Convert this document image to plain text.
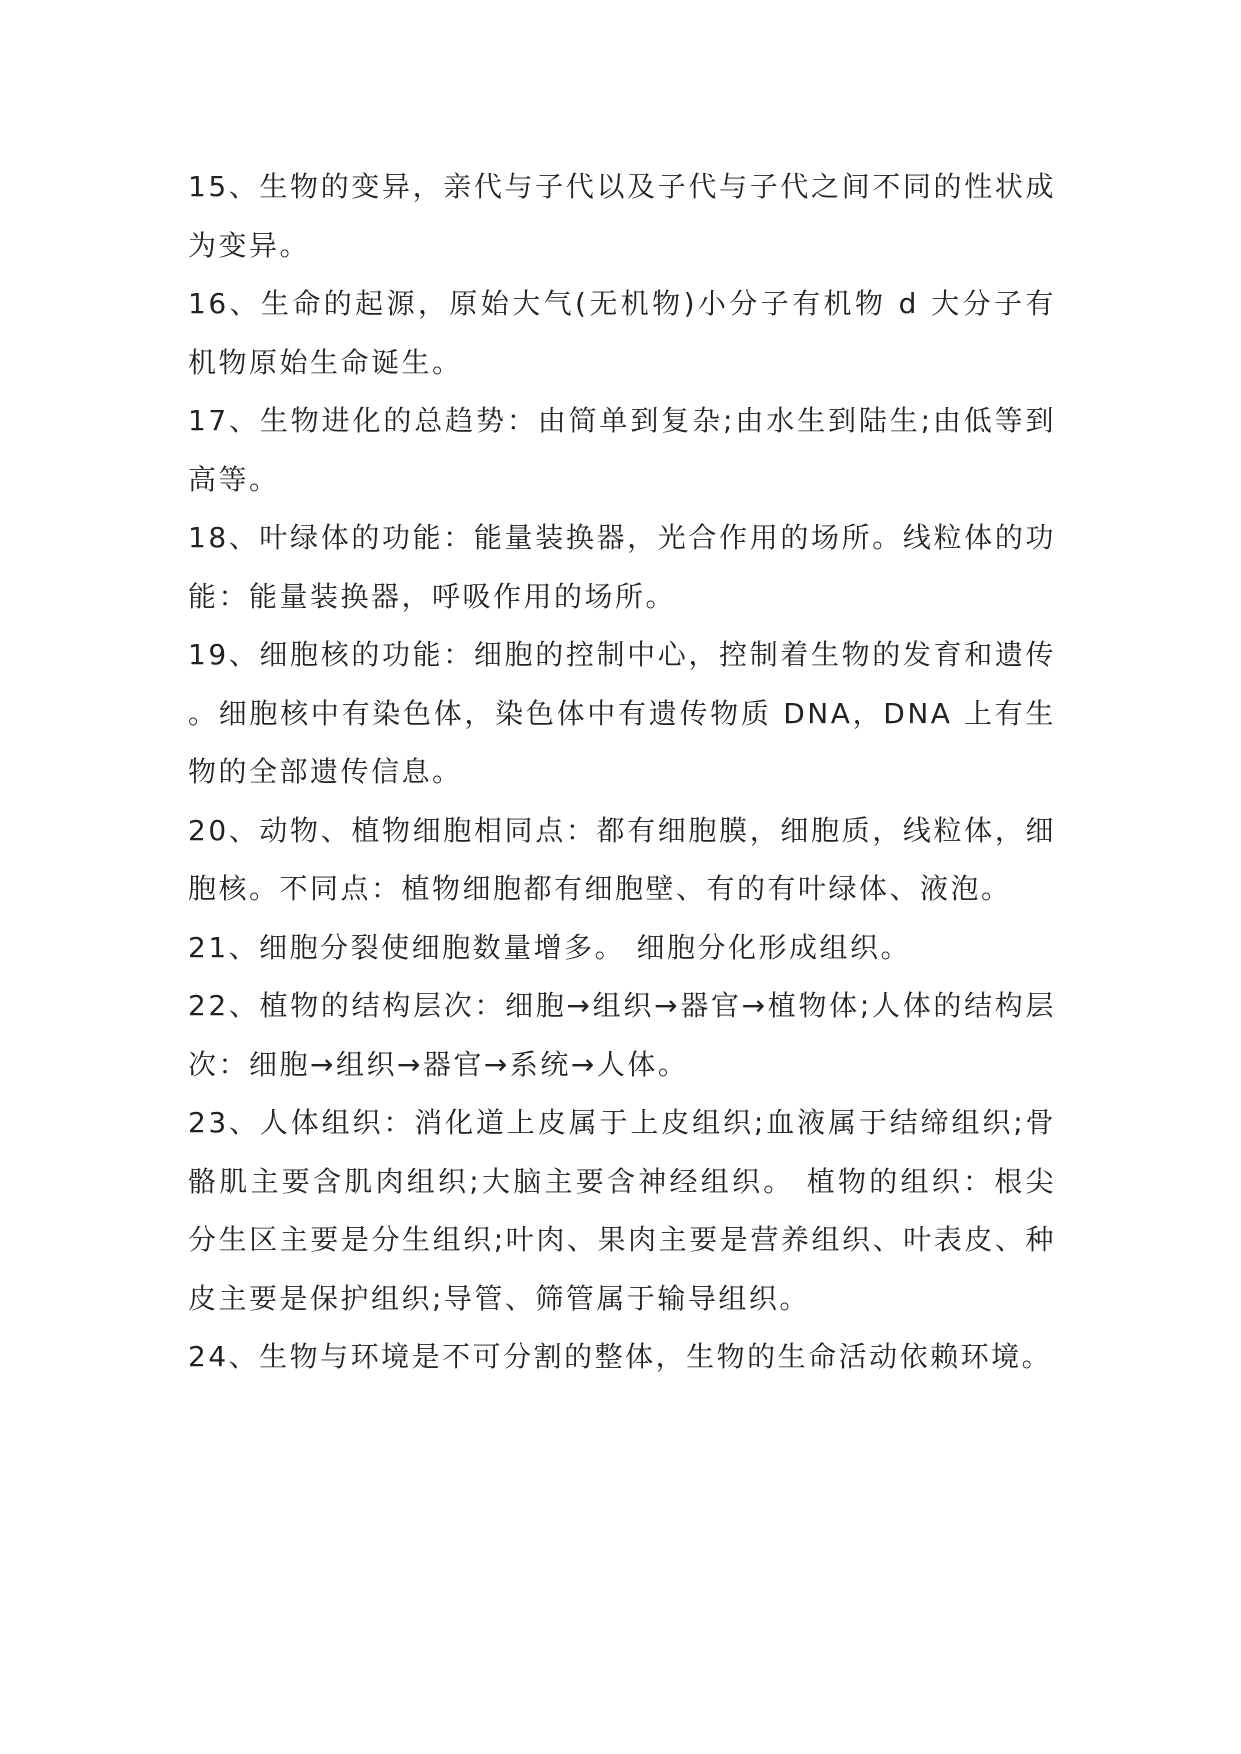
15、生物的变异，亲代与子代以及子代与子代之间不同的性状成为变异。

16、生命的起源，原始大气(无机物)小分子有机物 d 大分子有机物原始生命诞生。

17、生物进化的总趋势：由简单到复杂;由水生到陆生;由低等到高等。

18、叶绿体的功能：能量装换器，光合作用的场所。线粒体的功能：能量装换器，呼吸作用的场所。

19、细胞核的功能：细胞的控制中心，控制着生物的发育和遗传。细胞核中有染色体，染色体中有遗传物质 DNA，DNA 上有生物的全部遗传信息。

20、动物、植物细胞相同点：都有细胞膜，细胞质，线粒体，细胞核。不同点：植物细胞都有细胞壁、有的有叶绿体、液泡。

21、细胞分裂使细胞数量增多。 细胞分化形成组织。

22、植物的结构层次：细胞→组织→器官→植物体;人体的结构层次：细胞→组织→器官→系统→人体。

23、人体组织：消化道上皮属于上皮组织;血液属于结缔组织;骨骼肌主要含肌肉组织;大脑主要含神经组织。 植物的组织：根尖分生区主要是分生组织;叶肉、果肉主要是营养组织、叶表皮、种皮主要是保护组织;导管、筛管属于输导组织。

24、生物与环境是不可分割的整体，生物的生命活动依赖环境。
